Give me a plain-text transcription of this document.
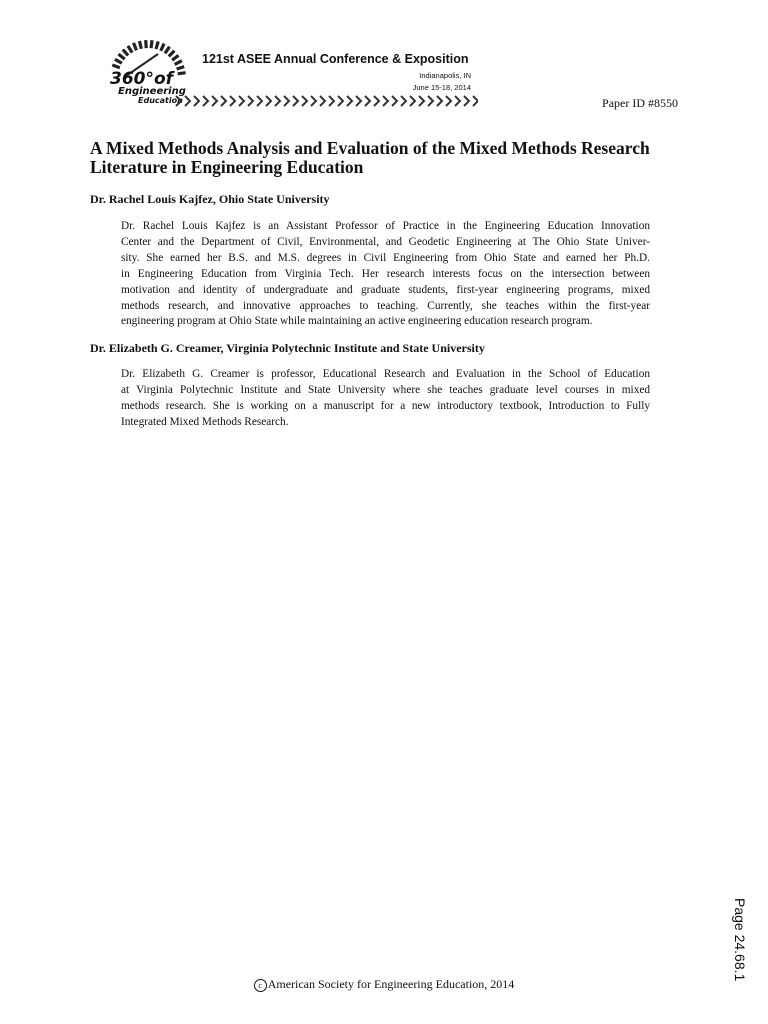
360°of
Engineering
Education
121st ASEE Annual Conference & Exposition
Indianapolis, IN
June 15-18, 2014
Paper ID #8550
A Mixed Methods Analysis and Evaluation of the Mixed Methods Research
Literature in Engineering Education
Dr. Rachel Louis Kajfez, Ohio State University
Dr. Rachel Louis Kajfez is an Assistant Professor of Practice in the Engineering Education Innovation
Center and the Department of Civil, Environmental, and Geodetic Engineering at The Ohio State Univer-
sity. She earned her B.S. and M.S. degrees in Civil Engineering from Ohio State and earned her Ph.D.
in Engineering Education from Virginia Tech. Her research interests focus on the intersection between
motivation and identity of undergraduate and graduate students, first-year engineering programs, mixed
methods research, and innovative approaches to teaching. Currently, she teaches within the first-year
engineering program at Ohio State while maintaining an active engineering education research program.
Dr. Elizabeth G. Creamer, Virginia Polytechnic Institute and State University
Dr. Elizabeth G. Creamer is professor, Educational Research and Evaluation in the School of Education
at Virginia Polytechnic Institute and State University where she teaches graduate level courses in mixed
methods research. She is working on a manuscript for a new introductory textbook, Introduction to Fully
Integrated Mixed Methods Research.
c American Society for Engineering Education, 2014
Page 24.68.1
